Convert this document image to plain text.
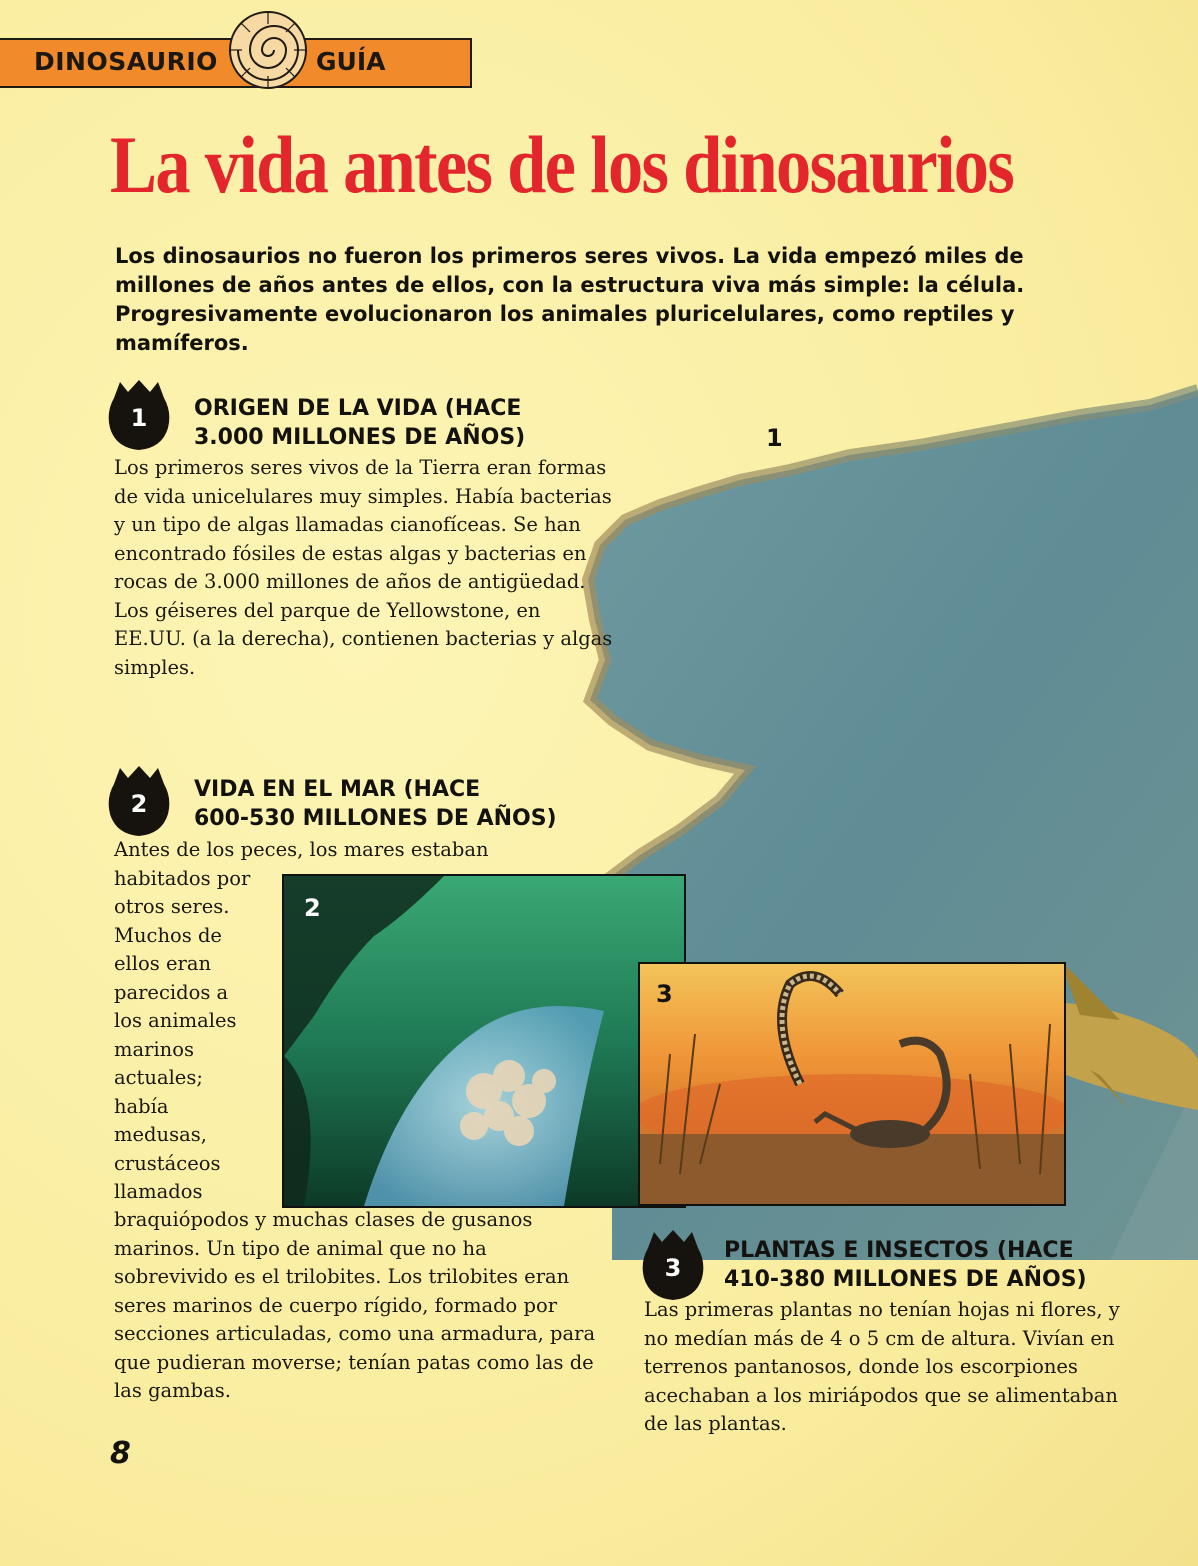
DINOSAURIO	GUÍA
La vida antes de los dinosaurios
Los dinosaurios no fueron los primeros seres vivos. La vida empezó miles de millones de años antes de ellos, con la estructura viva más simple: la célula. Progresivamente evolucionaron los animales pluricelulares, como reptiles y mamíferos.
1	ORIGEN DE LA VIDA (HACE
3.000 MILLONES DE AÑOS)
Los primeros seres vivos de la Tierra eran formas de vida unicelulares muy simples. Había bacterias y un tipo de algas llamadas cianofíceas. Se han encontrado fósiles de estas algas y bacterias en rocas de 3.000 millones de años de antigüedad. Los géiseres del parque de Yellowstone, en EE.UU. (a la derecha), contienen bacterias y algas simples.
1
2
VIDA EN EL MAR (HACE
600-530 MILLONES DE AÑOS)
Antes de los peces, los mares estaban
habitados por
otros seres.
Muchos de
ellos eran
parecidos a
los animales
marinos
actuales;
había
medusas,
crustáceos
llamados
braquiópodos y muchas clases de gusanos marinos. Un tipo de animal que no ha sobrevivido es el trilobites. Los trilobites eran seres marinos de cuerpo rígido, formado por secciones articuladas, como una armadura, para que pudieran moverse; tenían patas como las de las gambas.
2
3
3
PLANTAS E INSECTOS (HACE
410-380 MILLONES DE AÑOS)
Las primeras plantas no tenían hojas ni flores, y no medían más de 4 o 5 cm de altura. Vivían en terrenos pantanosos, donde los escorpiones acechaban a los miriápodos que se alimentaban de las plantas.
8
